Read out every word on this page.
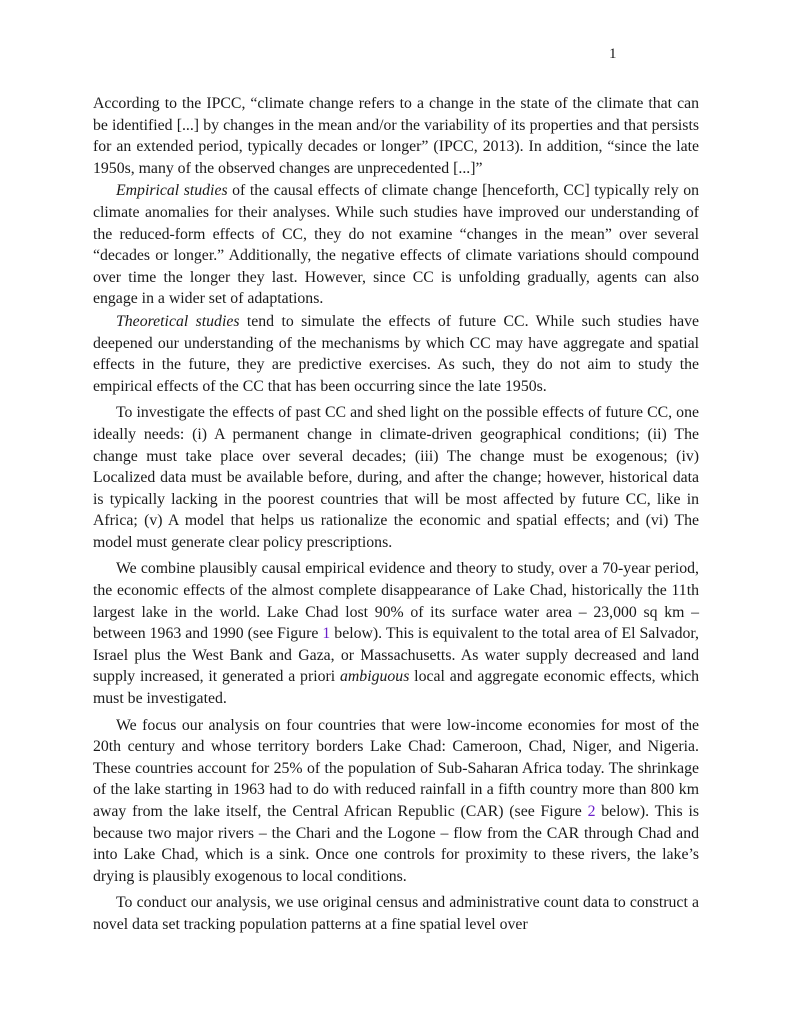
1

According to the IPCC, “climate change refers to a change in the state of the climate that can be identified [...] by changes in the mean and/or the variability of its properties and that persists for an extended period, typically decades or longer” (IPCC, 2013). In addition, “since the late 1950s, many of the observed changes are unprecedented [...]”

Empirical studies of the causal effects of climate change [henceforth, CC] typically rely on climate anomalies for their analyses. While such studies have improved our understanding of the reduced-form effects of CC, they do not examine “changes in the mean” over several “decades or longer.” Additionally, the negative effects of climate variations should compound over time the longer they last. However, since CC is unfolding gradually, agents can also engage in a wider set of adaptations.

Theoretical studies tend to simulate the effects of future CC. While such studies have deepened our understanding of the mechanisms by which CC may have aggregate and spatial effects in the future, they are predictive exercises. As such, they do not aim to study the empirical effects of the CC that has been occurring since the late 1950s.

To investigate the effects of past CC and shed light on the possible effects of future CC, one ideally needs: (i) A permanent change in climate-driven geographical conditions; (ii) The change must take place over several decades; (iii) The change must be exogenous; (iv) Localized data must be available before, during, and after the change; however, historical data is typically lacking in the poorest countries that will be most affected by future CC, like in Africa; (v) A model that helps us rationalize the economic and spatial effects; and (vi) The model must generate clear policy prescriptions.

We combine plausibly causal empirical evidence and theory to study, over a 70-year period, the economic effects of the almost complete disappearance of Lake Chad, historically the 11th largest lake in the world. Lake Chad lost 90% of its surface water area – 23,000 sq km – between 1963 and 1990 (see Figure 1 below). This is equivalent to the total area of El Salvador, Israel plus the West Bank and Gaza, or Massachusetts. As water supply decreased and land supply increased, it generated a priori ambiguous local and aggregate economic effects, which must be investigated.

We focus our analysis on four countries that were low-income economies for most of the 20th century and whose territory borders Lake Chad: Cameroon, Chad, Niger, and Nigeria. These countries account for 25% of the population of Sub-Saharan Africa today. The shrinkage of the lake starting in 1963 had to do with reduced rainfall in a fifth country more than 800 km away from the lake itself, the Central African Republic (CAR) (see Figure 2 below). This is because two major rivers – the Chari and the Logone – flow from the CAR through Chad and into Lake Chad, which is a sink. Once one controls for proximity to these rivers, the lake’s drying is plausibly exogenous to local conditions.

To conduct our analysis, we use original census and administrative count data to construct a novel data set tracking population patterns at a fine spatial level over
